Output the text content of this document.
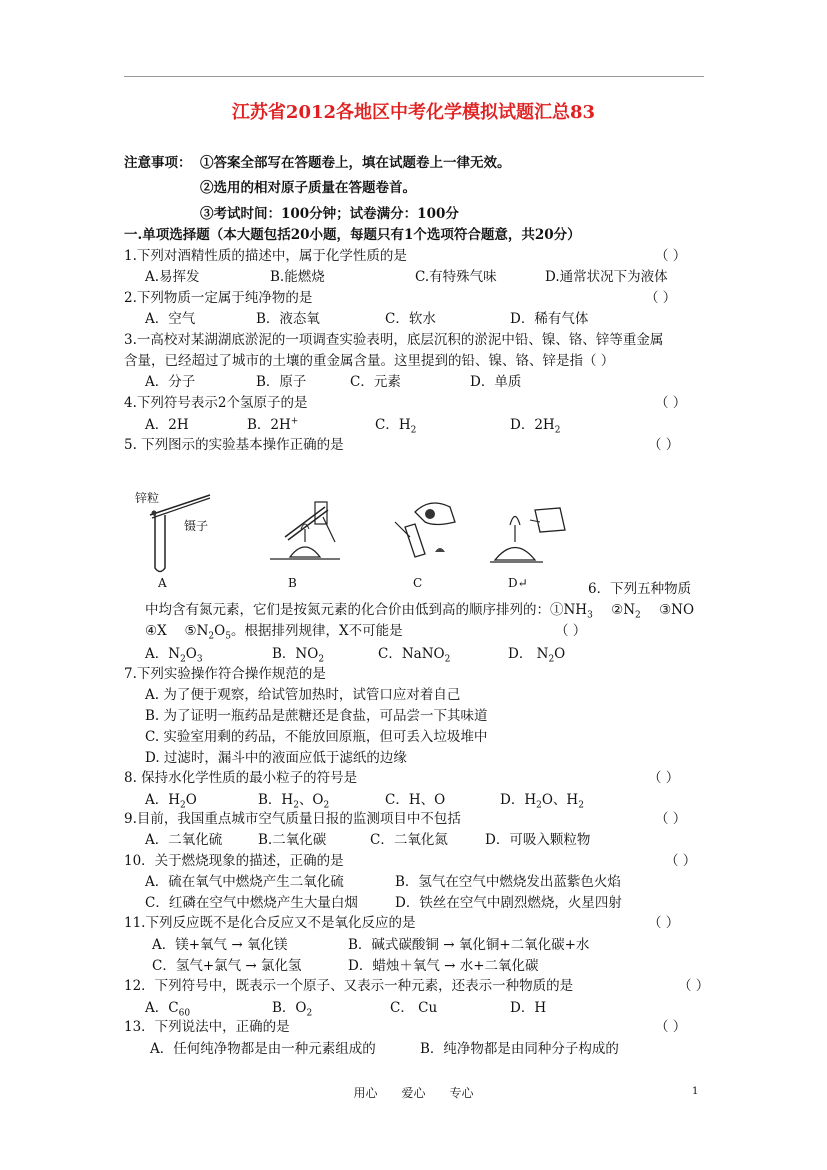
江苏省2012各地区中考化学模拟试题汇总83
注意事项： ①答案全部写在答题卷上，填在试题卷上一律无效。
②选用的相对原子质量在答题卷首。
③考试时间：100分钟；试卷满分：100分
一.单项选择题（本大题包括20小题，每题只有1个选项符合题意，共20分）
1.下列对酒精性质的描述中，属于化学性质的是	（ ）
A.易挥发	B.能燃烧	C.有特殊气味	D.通常状况下为液体
2.下列物质一定属于纯净物的是	（ ）
A．空气	B．液态氧	C．软水	D．稀有气体
3.一高校对某湖湖底淤泥的一项调查实验表明，底层沉积的淤泥中铅、镍、铬、锌等重金属
含量，已经超过了城市的土壤的重金属含量。这里提到的铅、镍、铬、锌是指（ ）
A．分子	B．原子	C．元素	D．单质
4.下列符号表示2个氢原子的是	（ ）
A．2H	B．2H+	C．$H_2$	D．$2H_2$
5. 下列图示的实验基本操作正确的是	（ ）
锌粒
镊子
A	B	C	D↵	6．下列五种物质
中均含有氮元素，它们是按氮元素的化合价由低到高的顺序排列的：$①NH_3$ $②N_2$ ③NO
④X　 $⑤N_2O_5$。根据排列规律，X不可能是	（ ）
A．$N_2O_3$	B．$NO_2$	C．NaNO$_2$	D． $N_2O$
7.下列实验操作符合操作规范的是
A. 为了便于观察，给试管加热时，试管口应对着自己
B. 为了证明一瓶药品是蔗糖还是食盐，可品尝一下其味道
C. 实验室用剩的药品，不能放回原瓶，但可丢入垃圾堆中
D. 过滤时，漏斗中的液面应低于滤纸的边缘
8. 保持水化学性质的最小粒子的符号是	（ ）
A．$H_2O$	B．$H_2$、$O_2$	C．H、O	D．$H_2O$、$H_2$
9.目前，我国重点城市空气质量日报的监测项目中不包括	（ ）
A．二氧化硫	B.二氧化碳	C．二氧化氮	D．可吸入颗粒物
10．关于燃烧现象的描述，正确的是	（ ）
A．硫在氧气中燃烧产生二氧化硫	B．氢气在空气中燃烧发出蓝紫色火焰
C．红磷在空气中燃烧产生大量白烟	D．铁丝在空气中剧烈燃烧，火星四射
11.下列反应既不是化合反应又不是氧化反应的是	（ ）
A．镁+氧气 → 氧化镁	B．碱式碳酸铜 → 氧化铜+二氧化碳+水
C．氢气+氯气 → 氯化氢	D．蜡烛＋氧气 → 水+二氧化碳
12．下列符号中，既表示一个原子、又表示一种元素，还表示一种物质的是	（ ）
A．$C_{60}$	B．$O_2$	C． Cu	D．H
13．下列说法中，正确的是	（ ）
A．任何纯净物都是由一种元素组成的	B．纯净物都是由同种分子构成的
用心　　爱心　　专心	1
